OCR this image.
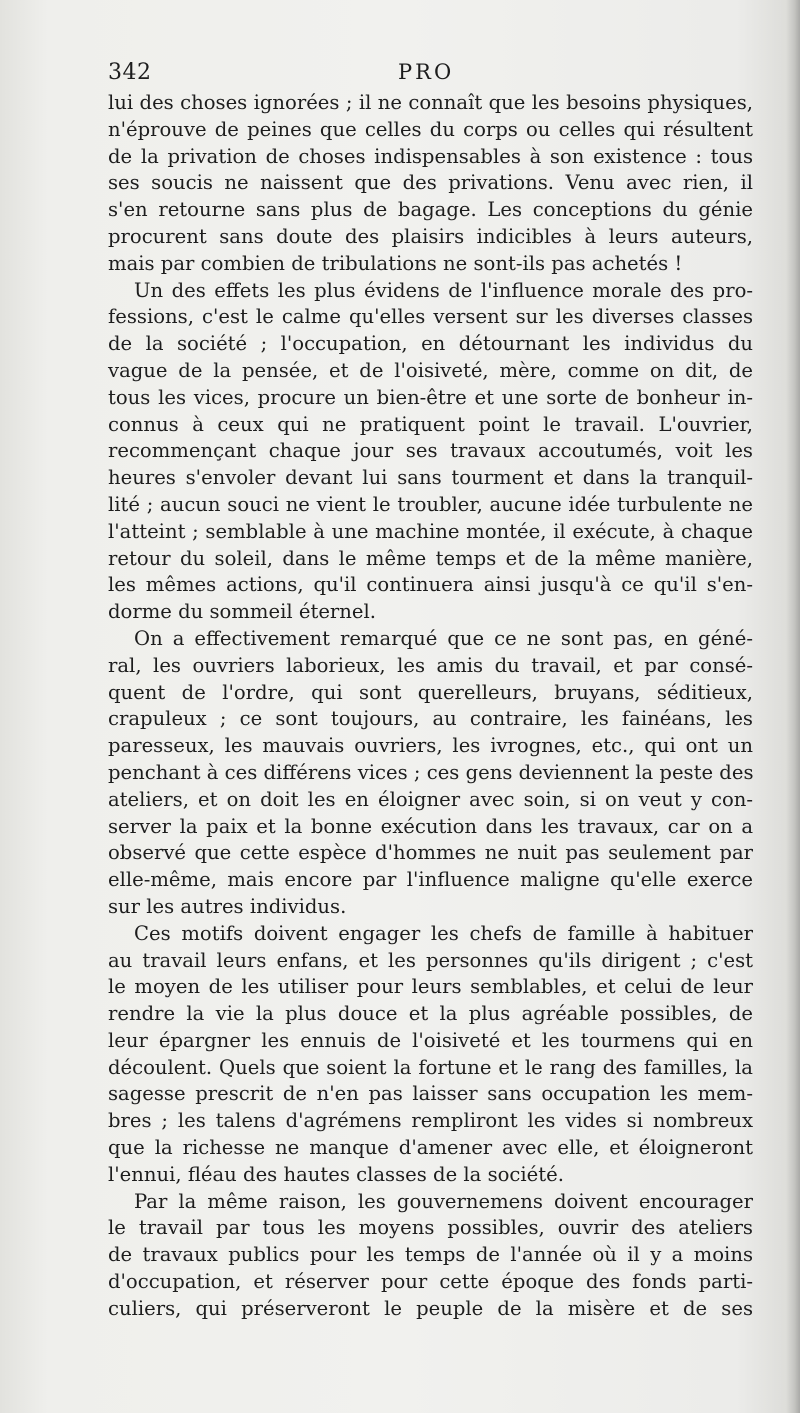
342	PRO
lui des choses ignorées ; il ne connaît que les besoins physiques,
n'éprouve de peines que celles du corps ou celles qui résultent
de la privation de choses indispensables à son existence : tous
ses soucis ne naissent que des privations. Venu avec rien, il
s'en retourne sans plus de bagage. Les conceptions du génie
procurent sans doute des plaisirs indicibles à leurs auteurs,
mais par combien de tribulations ne sont-ils pas achetés !
Un des effets les plus évidens de l'influence morale des pro-
fessions, c'est le calme qu'elles versent sur les diverses classes
de la société ; l'occupation, en détournant les individus du
vague de la pensée, et de l'oisiveté, mère, comme on dit, de
tous les vices, procure un bien-être et une sorte de bonheur in-
connus à ceux qui ne pratiquent point le travail. L'ouvrier,
recommençant chaque jour ses travaux accoutumés, voit les
heures s'envoler devant lui sans tourment et dans la tranquil-
lité ; aucun souci ne vient le troubler, aucune idée turbulente ne
l'atteint ; semblable à une machine montée, il exécute, à chaque
retour du soleil, dans le même temps et de la même manière,
les mêmes actions, qu'il continuera ainsi jusqu'à ce qu'il s'en-
dorme du sommeil éternel.
On a effectivement remarqué que ce ne sont pas, en géné-
ral, les ouvriers laborieux, les amis du travail, et par consé-
quent de l'ordre, qui sont querelleurs, bruyans, séditieux,
crapuleux ; ce sont toujours, au contraire, les fainéans, les
paresseux, les mauvais ouvriers, les ivrognes, etc., qui ont un
penchant à ces différens vices ; ces gens deviennent la peste des
ateliers, et on doit les en éloigner avec soin, si on veut y con-
server la paix et la bonne exécution dans les travaux, car on a
observé que cette espèce d'hommes ne nuit pas seulement par
elle-même, mais encore par l'influence maligne qu'elle exerce
sur les autres individus.
Ces motifs doivent engager les chefs de famille à habituer
au travail leurs enfans, et les personnes qu'ils dirigent ; c'est
le moyen de les utiliser pour leurs semblables, et celui de leur
rendre la vie la plus douce et la plus agréable possibles, de
leur épargner les ennuis de l'oisiveté et les tourmens qui en
découlent. Quels que soient la fortune et le rang des familles, la
sagesse prescrit de n'en pas laisser sans occupation les mem-
bres ; les talens d'agrémens rempliront les vides si nombreux
que la richesse ne manque d'amener avec elle, et éloigneront
l'ennui, fléau des hautes classes de la société.
Par la même raison, les gouvernemens doivent encourager
le travail par tous les moyens possibles, ouvrir des ateliers
de travaux publics pour les temps de l'année où il y a moins
d'occupation, et réserver pour cette époque des fonds parti-
culiers, qui préserveront le peuple de la misère et de ses
